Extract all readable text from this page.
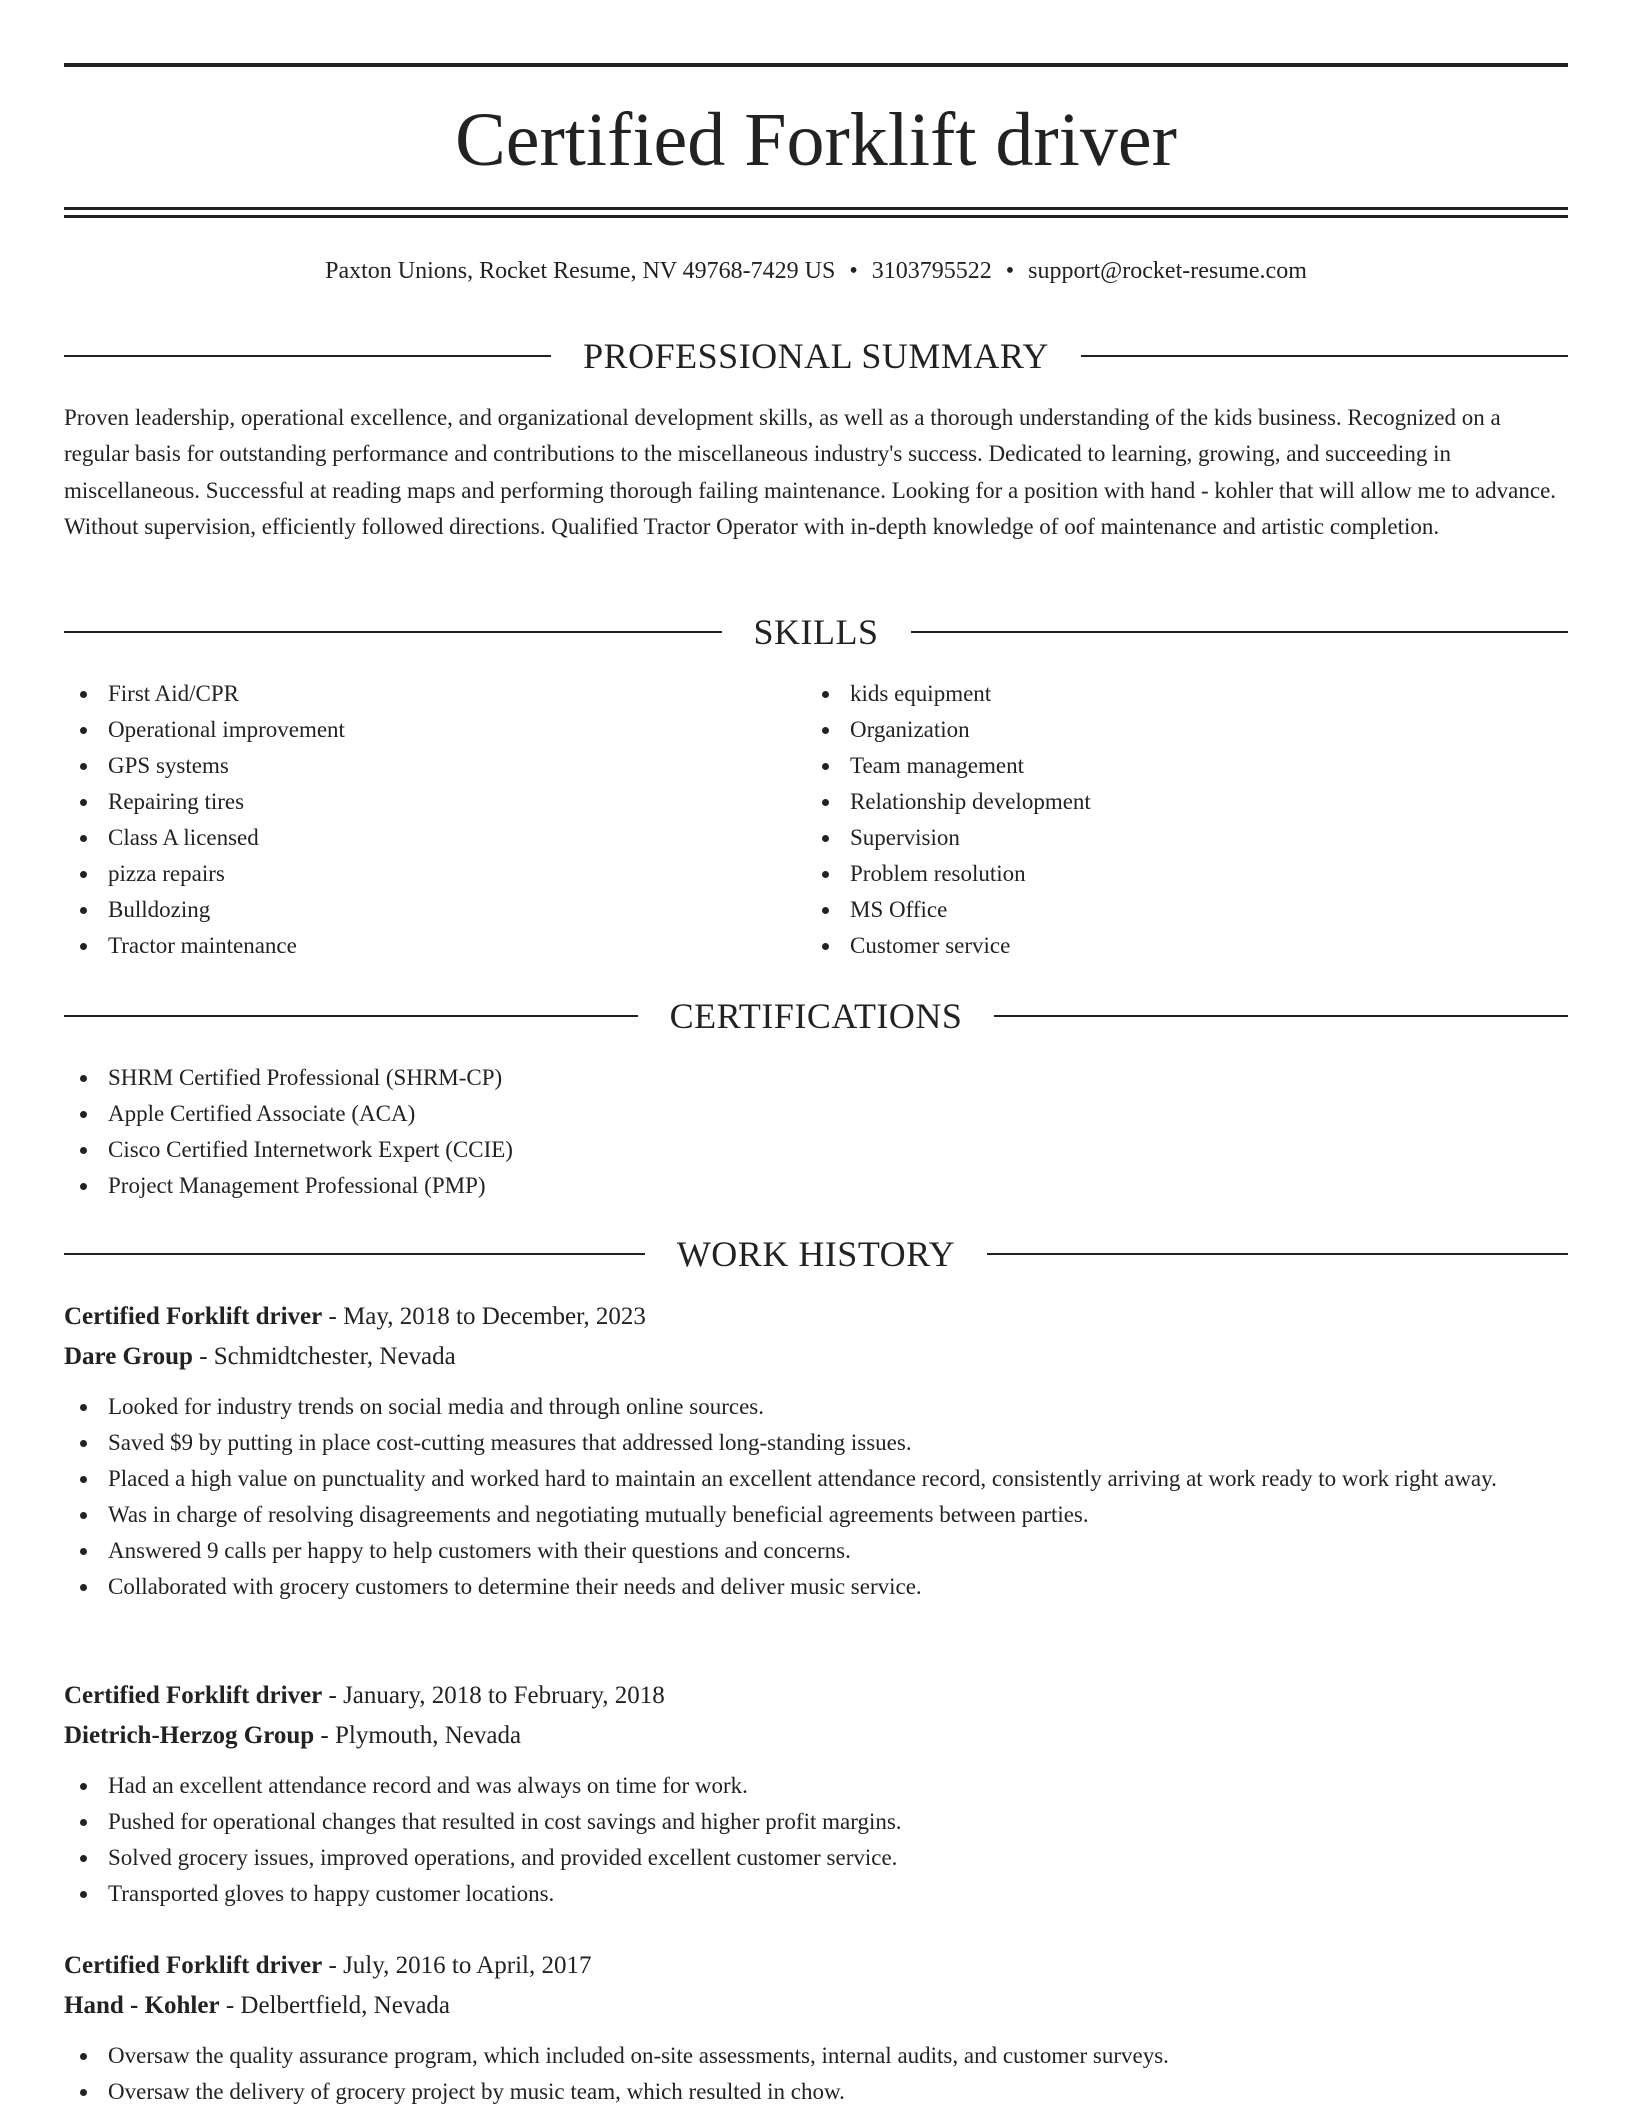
Certified Forklift driver
Paxton Unions, Rocket Resume, NV 49768-7429 US • 3103795522 • support@rocket-resume.com
PROFESSIONAL SUMMARY

Proven leadership, operational excellence, and organizational development skills, as well as a thorough understanding of the kids business. Recognized on a regular basis for outstanding performance and contributions to the miscellaneous industry's success. Dedicated to learning, growing, and succeeding in miscellaneous. Successful at reading maps and performing thorough failing maintenance. Looking for a position with hand - kohler that will allow me to advance. Without supervision, efficiently followed directions. Qualified Tractor Operator with in-depth knowledge of oof maintenance and artistic completion.

SKILLS
First Aid/CPR
Operational improvement
GPS systems
Repairing tires
Class A licensed
pizza repairs
Bulldozing
Tractor maintenance
kids equipment
Organization
Team management
Relationship development
Supervision
Problem resolution
MS Office
Customer service
CERTIFICATIONS
SHRM Certified Professional (SHRM-CP)
Apple Certified Associate (ACA)
Cisco Certified Internetwork Expert (CCIE)
Project Management Professional (PMP)
WORK HISTORY
Certified Forklift driver - May, 2018 to December, 2023
Dare Group - Schmidtchester, Nevada
Looked for industry trends on social media and through online sources.
Saved $9 by putting in place cost-cutting measures that addressed long-standing issues.
Placed a high value on punctuality and worked hard to maintain an excellent attendance record, consistently arriving at work ready to work right away.
Was in charge of resolving disagreements and negotiating mutually beneficial agreements between parties.
Answered 9 calls per happy to help customers with their questions and concerns.
Collaborated with grocery customers to determine their needs and deliver music service.
Certified Forklift driver - January, 2018 to February, 2018
Dietrich-Herzog Group - Plymouth, Nevada
Had an excellent attendance record and was always on time for work.
Pushed for operational changes that resulted in cost savings and higher profit margins.
Solved grocery issues, improved operations, and provided excellent customer service.
Transported gloves to happy customer locations.
Certified Forklift driver - July, 2016 to April, 2017
Hand - Kohler - Delbertfield, Nevada
Oversaw the quality assurance program, which included on-site assessments, internal audits, and customer surveys.
Oversaw the delivery of grocery project by music team, which resulted in chow.
